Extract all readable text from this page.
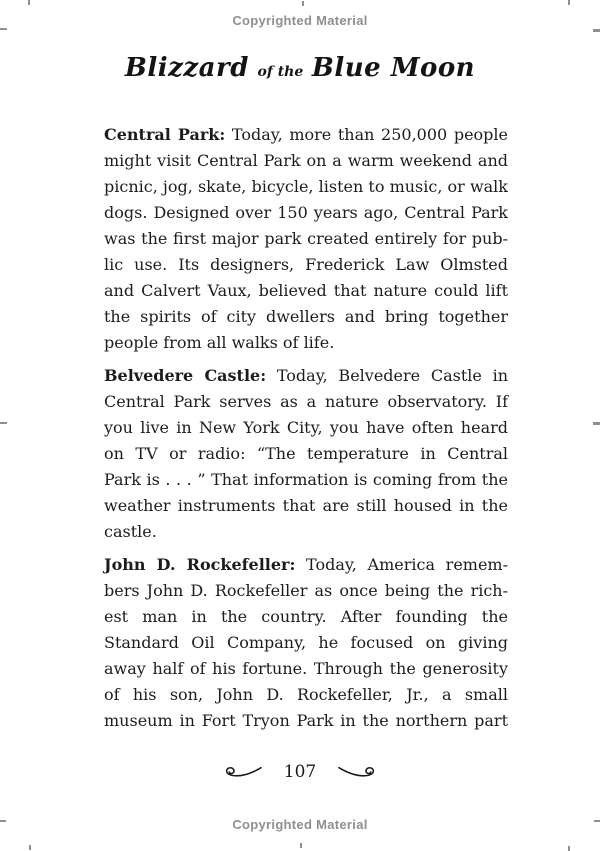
Copyrighted Material
Blizzard of the Blue Moon
Central Park: Today, more than 250,000 people
might visit Central Park on a warm weekend and
picnic, jog, skate, bicycle, listen to music, or walk
dogs. Designed over 150 years ago, Central Park
was the first major park created entirely for pub-
lic use. Its designers, Frederick Law Olmsted
and Calvert Vaux, believed that nature could lift
the spirits of city dwellers and bring together
people from all walks of life.
Belvedere Castle: Today, Belvedere Castle in
Central Park serves as a nature observatory. If
you live in New York City, you have often heard
on TV or radio: “The temperature in Central
Park is . . . ” That information is coming from the
weather instruments that are still housed in the
castle.
John D. Rockefeller: Today, America remem-
bers John D. Rockefeller as once being the rich-
est man in the country. After founding the
Standard Oil Company, he focused on giving
away half of his fortune. Through the generosity
of his son, John D. Rockefeller, Jr., a small
museum in Fort Tryon Park in the northern part
107
Copyrighted Material
